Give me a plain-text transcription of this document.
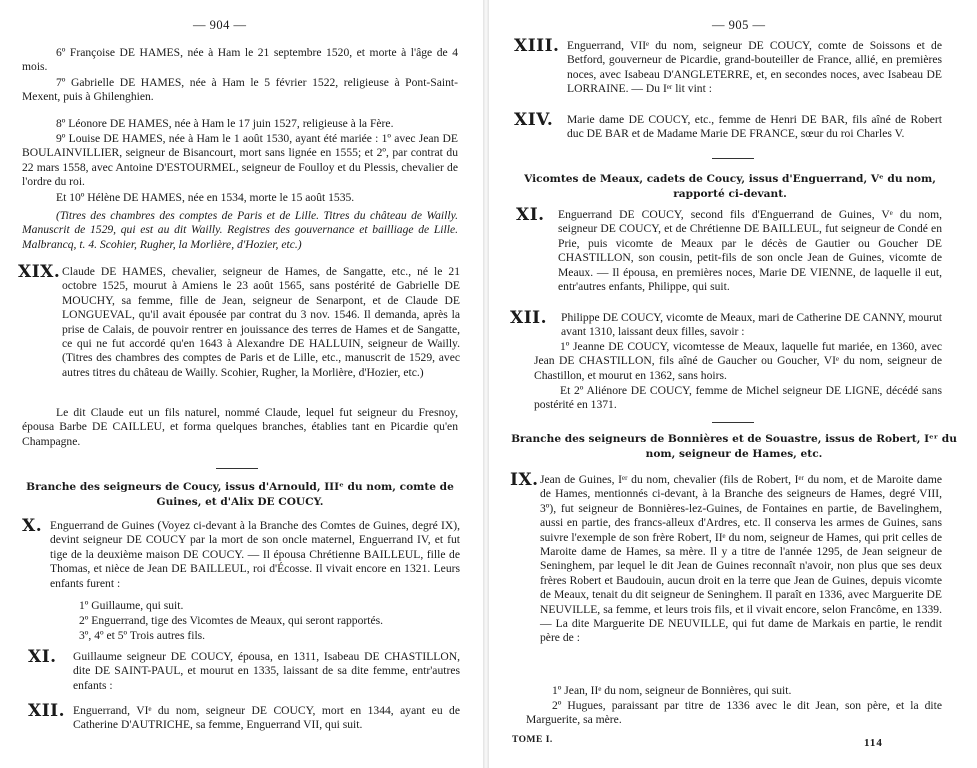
— 904 —
6º Françoise DE HAMES, née à Ham le 21 septembre 1520, et morte à l'âge de 4 mois.
7º Gabrielle DE HAMES, née à Ham le 5 février 1522, religieuse à Pont-Saint-Mexent, puis à Ghilenghien.
8º Léonore DE HAMES, née à Ham le 17 juin 1527, religieuse à la Fère.
9º Louise DE HAMES, née à Ham le 1 août 1530, ayant été mariée : 1º avec Jean DE BOULAINVILLIER, seigneur de Bisancourt, mort sans lignée en 1555; et 2º, par contrat du 22 mars 1558, avec Antoine D'ESTOURMEL, seigneur de Foulloy et du Plessis, chevalier de l'ordre du roi.
Et 10º Hélène DE HAMES, née en 1534, morte le 15 août 1535.
(Titres des chambres des comptes de Paris et de Lille. Titres du château de Wailly. Manuscrit de 1529, qui est au dit Wailly. Registres des gouvernance et bailliage de Lille. Malbrancq, t. 4. Scohier, Rugher, la Morlière, d'Hozier, etc.)
XIX. Claude DE HAMES, chevalier, seigneur de Hames, de Sangatte, etc., né le 21 octobre 1525, mourut à Amiens le 23 août 1565, sans postérité de Gabrielle DE MOUCHY, sa femme, fille de Jean, seigneur de Senarpont, et de Claude DE LONGUEVAL, qu'il avait épousée par contrat du 3 nov. 1546. Il demanda, après la prise de Calais, de pouvoir rentrer en jouissance des terres de Hames et de Sangatte, ce qui ne fut accordé qu'en 1643 à Alexandre DE HALLUIN, seigneur de Wailly. (Titres des chambres des comptes de Paris et de Lille, etc., manuscrit de 1529, avec autres titres du château de Wailly. Scohier, Rugher, la Morlière, d'Hozier, etc.)
Le dit Claude eut un fils naturel, nommé Claude, lequel fut seigneur du Fresnoy, épousa Barbe DE CAILLEU, et forma quelques branches, établies tant en Picardie qu'en Champagne.
Branche des seigneurs de Coucy, issus d'Arnould, IIIᵉ du nom, comte de Guines, et d'Alix DE COUCY.
X. Enguerrand de Guines (Voyez ci-devant à la Branche des Comtes de Guines, degré IX), devint seigneur DE COUCY par la mort de son oncle maternel, Enguerrand IV, et fut tige de la deuxième maison DE COUCY. — Il épousa Chrétienne BAILLEUL, fille de Thomas, et nièce de Jean DE BAILLEUL, roi d'Écosse. Il vivait encore en 1321. Leurs enfants furent :
1º Guillaume, qui suit.
2º Enguerrand, tige des Vicomtes de Meaux, qui seront rapportés.
3º, 4º et 5º Trois autres fils.
XI. Guillaume seigneur DE COUCY, épousa, en 1311, Isabeau DE CHASTILLON, dite DE SAINT-PAUL, et mourut en 1335, laissant de sa dite femme, entr'autres enfants :
XII. Enguerrand, VIᵉ du nom, seigneur DE COUCY, mort en 1344, ayant eu de Catherine D'AUTRICHE, sa femme, Enguerrand VII, qui suit.
— 905 —
XIII. Enguerrand, VIIᵉ du nom, seigneur DE COUCY, comte de Soissons et de Betford, gouverneur de Picardie, grand-bouteiller de France, allié, en premières noces, avec Isabeau D'ANGLETERRE, et, en secondes noces, avec Isabeau DE LORRAINE. — Du Iᵉʳ lit vint :
XIV. Marie dame DE COUCY, etc., femme de Henri DE BAR, fils aîné de Robert duc DE BAR et de Madame Marie DE FRANCE, sœur du roi Charles V.
Vicomtes de Meaux, cadets de Coucy, issus d'Enguerrand, Vᵉ du nom, rapporté ci-devant.
XI. Enguerrand DE COUCY, second fils d'Enguerrand de Guines, Vᵉ du nom, seigneur DE COUCY, et de Chrétienne DE BAILLEUL, fut seigneur de Condé en Prie, puis vicomte de Meaux par le décès de Gautier ou Goucher DE CHASTILLON, son cousin, petit-fils de son oncle Jean de Guines, vicomte de Meaux. — Il épousa, en premières noces, Marie DE VIENNE, de laquelle il eut, entr'autres enfants, Philippe, qui suit.
XII. Philippe DE COUCY, vicomte de Meaux, mari de Catherine DE CANNY, mourut avant 1310, laissant deux filles, savoir :
1º Jeanne DE COUCY, vicomtesse de Meaux, laquelle fut mariée, en 1360, avec Jean DE CHASTILLON, fils aîné de Gaucher ou Goucher, VIᵉ du nom, seigneur de Chastillon, et mourut en 1362, sans hoirs.
Et 2º Aliénore DE COUCY, femme de Michel seigneur DE LIGNE, décédé sans postérité en 1371.
Branche des seigneurs de Bonnières et de Souastre, issus de Robert, Iᵉʳ du nom, seigneur de Hames, etc.
IX. Jean de Guines, Iᵉʳ du nom, chevalier (fils de Robert, Iᵉʳ du nom, et de Maroite dame de Hames, mentionnés ci-devant, à la Branche des seigneurs de Hames, degré VIII, 3º), fut seigneur de Bonnières-lez-Guines, de Fontaines en partie, de Bavelinghem, aussi en partie, des francs-alleux d'Ardres, etc. Il conserva les armes de Guines, sans suivre l'exemple de son frère Robert, IIᵉ du nom, seigneur de Hames, qui prit celles de Maroite dame de Hames, sa mère. Il y a titre de l'année 1295, de Jean seigneur de Seninghem, par lequel le dit Jean de Guines reconnaît n'avoir, non plus que ses deux frères Robert et Baudouin, aucun droit en la terre que Jean de Guines, depuis vicomte de Meaux, tenait du dit seigneur de Seninghem. Il paraît en 1336, avec Marguerite DE NEUVILLE, sa femme, et leurs trois fils, et il vivait encore, selon Francôme, en 1339. — La dite Marguerite DE NEUVILLE, qui fut dame de Markais en partie, le rendit père de :
1º Jean, IIᵉ du nom, seigneur de Bonnières, qui suit.
2º Hugues, paraissant par titre de 1336 avec le dit Jean, son père, et la dite Marguerite, sa mère.
TOME I.	114
